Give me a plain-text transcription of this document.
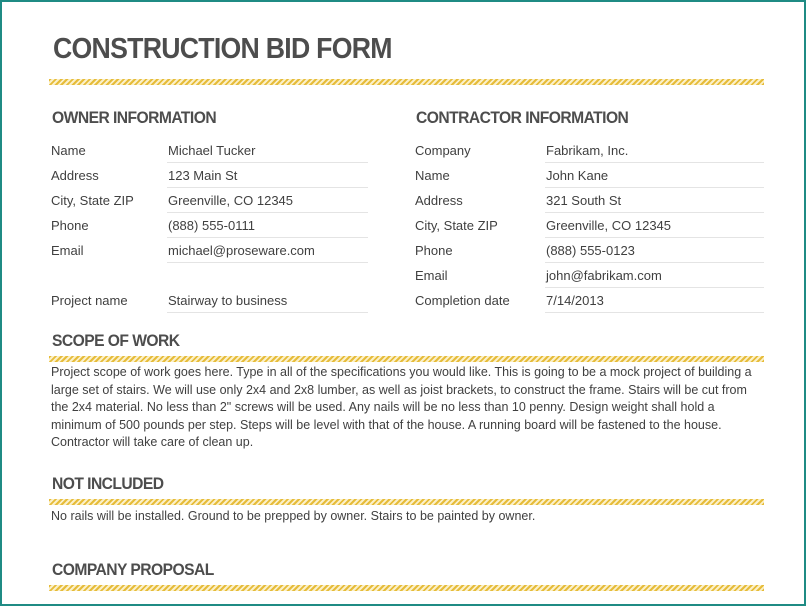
CONSTRUCTION BID FORM
OWNER INFORMATION
Name	Michael Tucker
Address	123 Main St
City, State ZIP	Greenville, CO 12345
Phone	(888) 555-0111
Email	michael@proseware.com
Project name	Stairway to business
CONTRACTOR INFORMATION
Company	Fabrikam, Inc.
Name	John Kane
Address	321 South St
City, State ZIP	Greenville, CO 12345
Phone	(888) 555-0123
Email	john@fabrikam.com
Completion date	7/14/2013
SCOPE OF WORK

Project scope of work goes here. Type in all of the specifications you would like. This is going to be a mock project of building a large set of stairs. We will use only 2x4 and 2x8 lumber, as well as joist brackets, to construct the frame. Stairs will be cut from the 2x4 material. No less than 2" screws will be used. Any nails will be no less than 10 penny. Design weight shall hold a minimum of 500 pounds per step. Steps will be level with that of the house. A running board will be fastened to the house. Contractor will take care of clean up.

NOT INCLUDED

No rails will be installed. Ground to be prepped by owner. Stairs to be painted by owner.

COMPANY PROPOSAL
